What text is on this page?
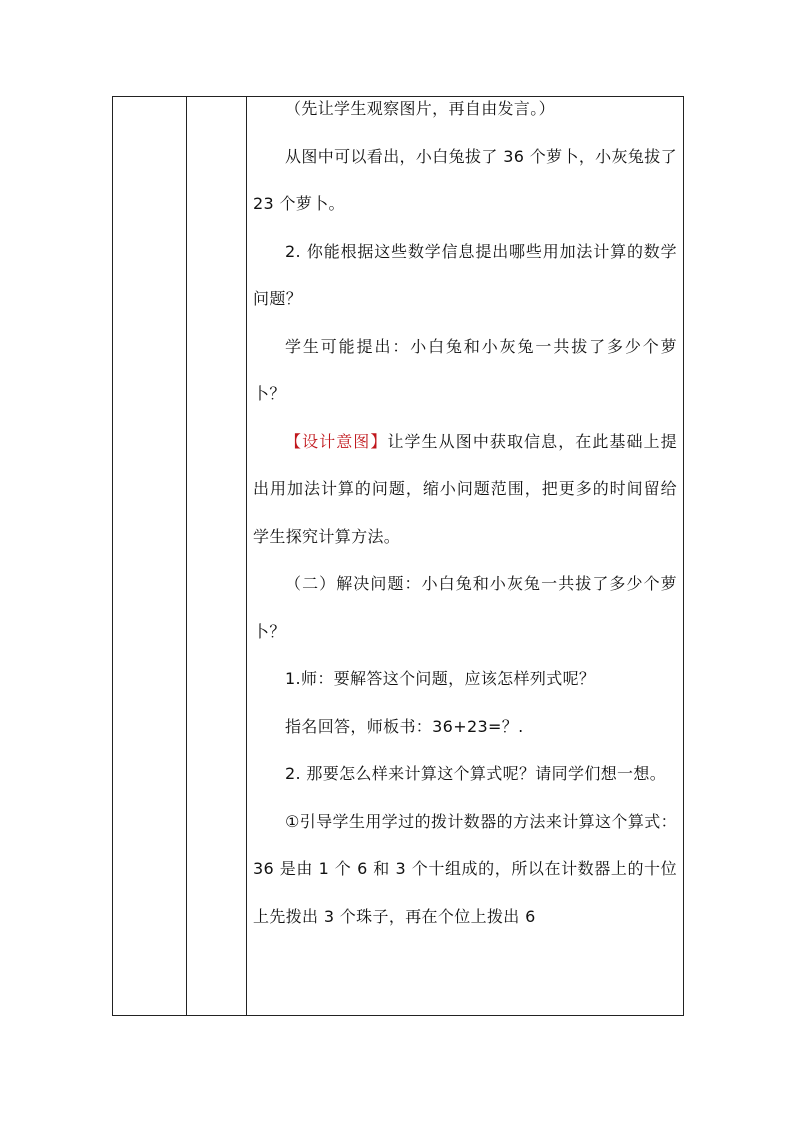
（先让学生观察图片，再自由发言。）

从图中可以看出，小白兔拔了 36 个萝卜，小灰兔拔了 23 个萝卜。

2. 你能根据这些数学信息提出哪些用加法计算的数学问题？

学生可能提出：小白兔和小灰兔一共拔了多少个萝卜？

【设计意图】让学生从图中获取信息，在此基础上提出用加法计算的问题，缩小问题范围，把更多的时间留给学生探究计算方法。

（二）解决问题：小白兔和小灰兔一共拔了多少个萝卜？

1.师：要解答这个问题，应该怎样列式呢？

指名回答，师板书：36+23=？.

2. 那要怎么样来计算这个算式呢？请同学们想一想。

①引导学生用学过的拨计数器的方法来计算这个算式：36 是由 1 个 6 和 3 个十组成的，所以在计数器上的十位上先拨出 3 个珠子，再在个位上拨出 6
